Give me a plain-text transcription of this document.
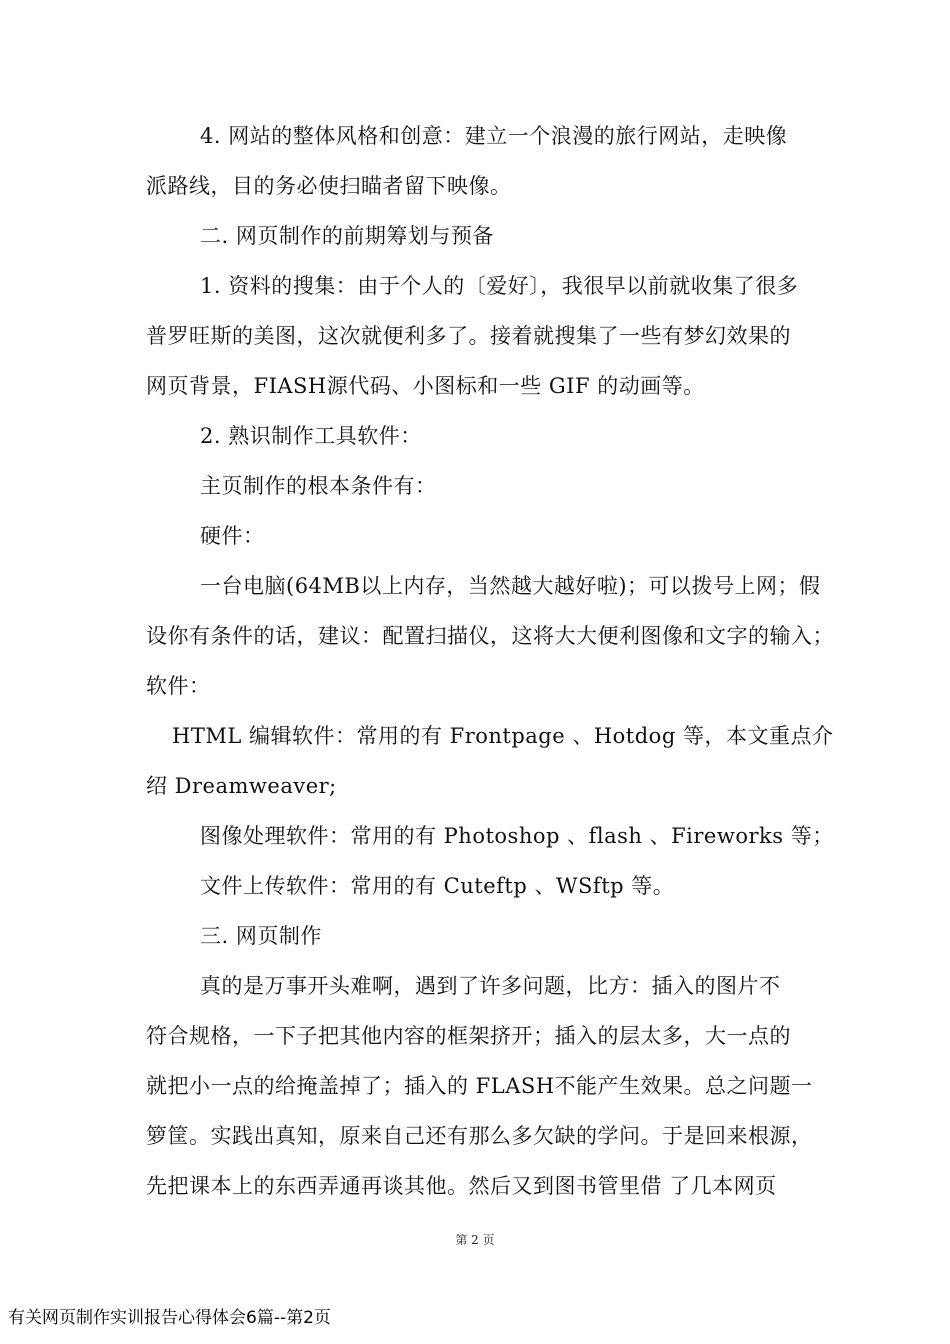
4. 网站的整体风格和创意：建立一个浪漫的旅行网站，走映像
派路线，目的务必使扫瞄者留下映像。
二. 网页制作的前期筹划与预备
1. 资料的搜集：由于个人的〔爱好〕，我很早以前就收集了很多
普罗旺斯的美图，这次就便利多了。接着就搜集了一些有梦幻效果的
网页背景，FIASH源代码、小图标和一些 GIF 的动画等。
2. 熟识制作工具软件：
主页制作的根本条件有：
硬件：
一台电脑(64MB以上内存，当然越大越好啦)；可以拨号上网；假
设你有条件的话，建议：配置扫描仪，这将大大便利图像和文字的输入；
软件：
HTML 编辑软件：常用的有 Frontpage 、Hotdog 等，本文重点介
绍 Dreamweaver;
图像处理软件：常用的有 Photoshop 、flash 、Fireworks 等；
文件上传软件：常用的有 Cuteftp 、WSftp 等。
三. 网页制作
真的是万事开头难啊，遇到了许多问题，比方：插入的图片不
符合规格，一下子把其他内容的框架挤开；插入的层太多，大一点的
就把小一点的给掩盖掉了；插入的 FLASH不能产生效果。总之问题一
箩筐。实践出真知，原来自己还有那么多欠缺的学问。于是回来根源，
先把课本上的东西弄通再谈其他。然后又到图书管里借 了几本网页
第 2 页
有关网页制作实训报告心得体会6篇--第2页
